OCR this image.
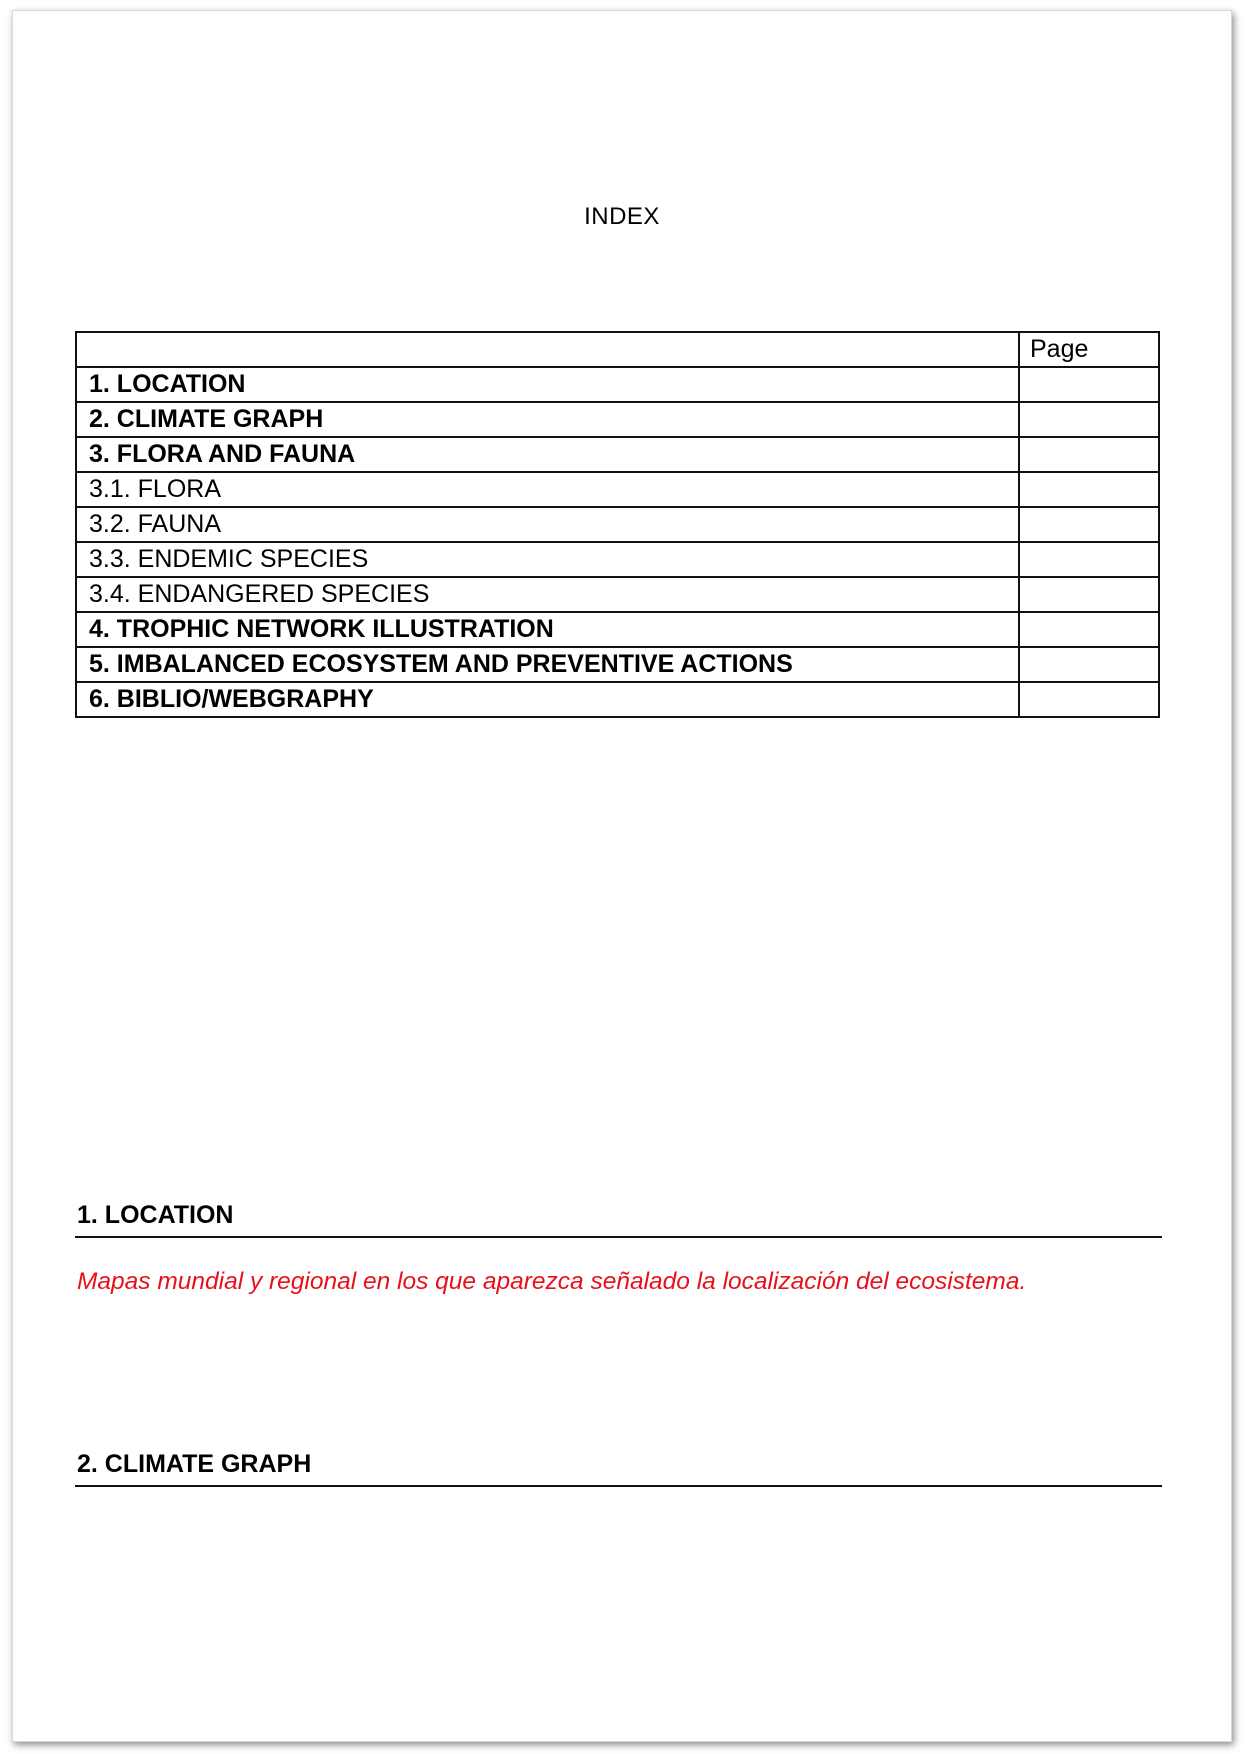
INDEX
	Page
1. LOCATION	
2. CLIMATE GRAPH	
3. FLORA AND FAUNA	
3.1. FLORA	
3.2. FAUNA	
3.3. ENDEMIC SPECIES	
3.4. ENDANGERED SPECIES	
4. TROPHIC NETWORK ILLUSTRATION	
5. IMBALANCED ECOSYSTEM AND PREVENTIVE ACTIONS	
6. BIBLIO/WEBGRAPHY	
1. LOCATION
Mapas mundial y regional en los que aparezca señalado la localización del ecosistema.
2. CLIMATE GRAPH
